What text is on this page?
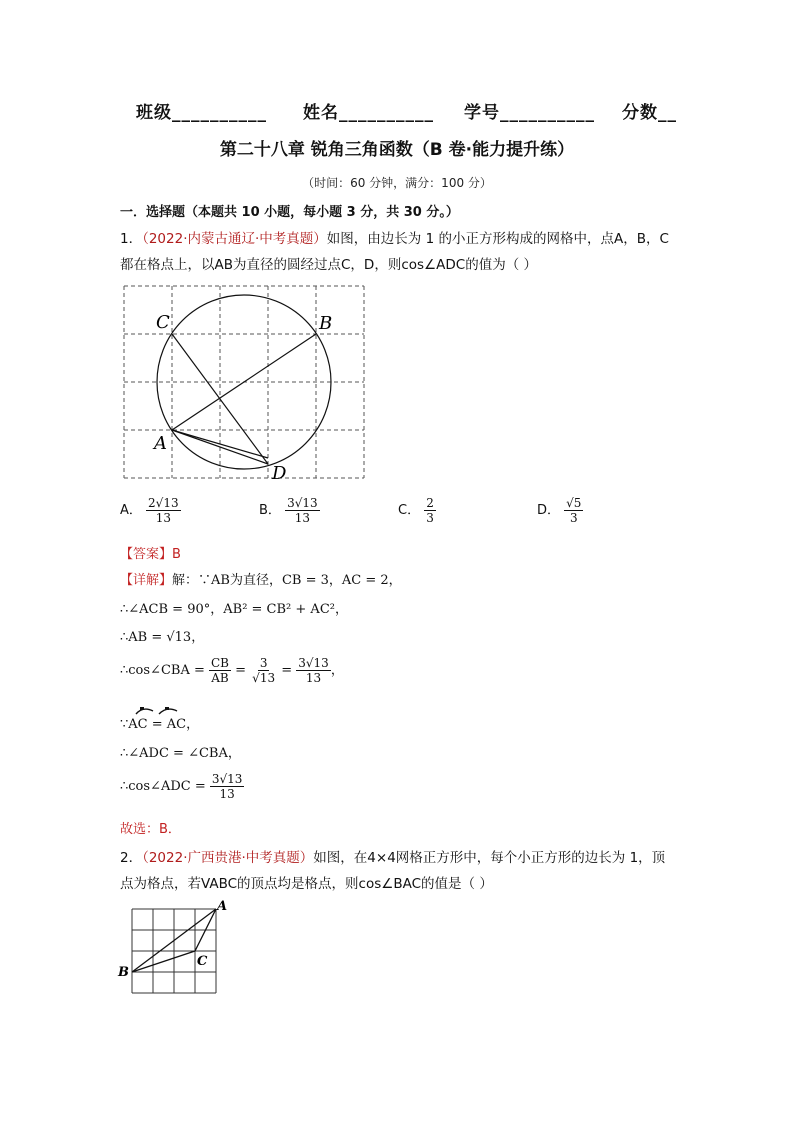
班级__________ 姓名__________ 学号__________ 分数__
第二十八章 锐角三角函数（B 卷·能力提升练）
（时间：60 分钟，满分：100 分）
一．选择题（本题共 10 小题，每小题 3 分，共 30 分。）
1．（2022·内蒙古通辽·中考真题）如图，由边长为 1 的小正方形构成的网格中，点A，B，C
都在格点上，以AB为直径的圆经过点C，D，则cos∠ADC的值为（ ）
C	B
A
D
A． $\frac{2√13}{13}$	B． $\frac{3√13}{13}$	C． $\frac{2}{3}$	D． $\frac{√5}{3}$
【答案】B
【详解】解：∵AB为直径，CB = 3，AC = 2，
∴∠ACB = 90°，AB² = CB² + AC²，
∴AB = √13，
∴cos∠CBA = $\frac{CB}{AB} = \frac{3}{√13} = \frac{3√13}{13}$ ，
∵AC = AC，
∴∠ADC = ∠CBA，
∴cos∠ADC = $\frac{3√13}{13}$
故选：B．
2．（2022·广西贵港·中考真题）如图，在4×4网格正方形中，每个小正方形的边长为 1，顶
点为格点，若VABC的顶点均是格点，则cos∠BAC的值是（ ）
A
B
C
